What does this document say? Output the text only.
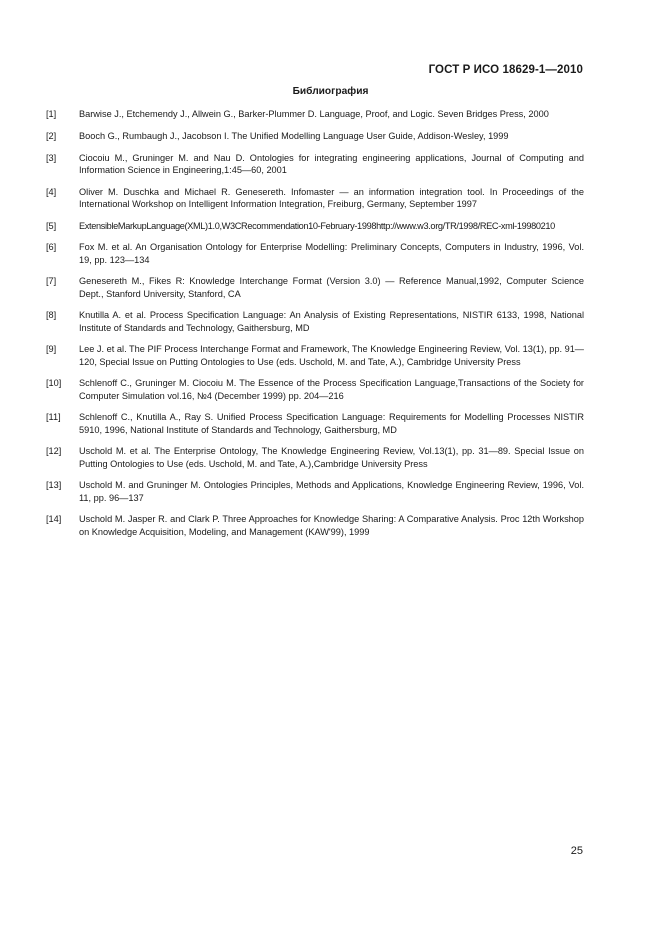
ГОСТ Р ИСО 18629-1—2010
Библиография
[1]	Barwise J., Etchemendy J., Allwein G., Barker-Plummer D. Language, Proof, and Logic. Seven Bridges Press, 2000
[2]	Booch G., Rumbaugh J., Jacobson I. The Unified Modelling Language User Guide, Addison-Wesley, 1999
[3]	Ciocoiu M., Gruninger M. and Nau D. Ontologies for integrating engineering applications, Journal of Computing and Information Science in Engineering,1:45—60, 2001
[4]	Oliver M. Duschka and Michael R. Genesereth. Infomaster — an information integration tool. In Proceedings of the International Workshop on Intelligent Information Integration, Freiburg, Germany, September 1997
[5]	ExtensibleMarkupLanguage(XML)1.0,W3CRecommendation10-February-1998http://www.w3.org/TR/1998/REC-xml-19980210
[6]	Fox M. et al. An Organisation Ontology for Enterprise Modelling: Preliminary Concepts, Computers in Industry, 1996, Vol. 19, pp. 123—134
[7]	Genesereth M., Fikes R: Knowledge Interchange Format (Version 3.0) — Reference Manual,1992, Computer Science Dept., Stanford University, Stanford, CA
[8]	Knutilla A. et al. Process Specification Language: An Analysis of Existing Representations, NISTIR 6133, 1998, National Institute of Standards and Technology, Gaithersburg, MD
[9]	Lee J. et al. The PIF Process Interchange Format and Framework, The Knowledge Engineering Review, Vol. 13(1), pp. 91—120, Special Issue on Putting Ontologies to Use (eds. Uschold, M. and Tate, A.), Cambridge University Press
[10]	Schlenoff C., Gruninger M. Ciocoiu M. The Essence of the Process Specification Language,Transactions of the Society for Computer Simulation vol.16, №4 (December 1999) pp. 204—216
[11]	Schlenoff C., Knutilla A., Ray S. Unified Process Specification Language: Requirements for Modelling Processes NISTIR 5910, 1996, National Institute of Standards and Technology, Gaithersburg, MD
[12]	Uschold M. et al. The Enterprise Ontology, The Knowledge Engineering Review, Vol.13(1), pp. 31—89. Special Issue on Putting Ontologies to Use (eds. Uschold, M. and Tate, A.),Cambridge University Press
[13]	Uschold M. and Gruninger M. Ontologies Principles, Methods and Applications, Knowledge Engineering Review, 1996, Vol. 11, pp. 96—137
[14]	Uschold M. Jasper R. and Clark P. Three Approaches for Knowledge Sharing: A Comparative Analysis. Proc 12th Workshop on Knowledge Acquisition, Modeling, and Management (KAW'99), 1999
25
